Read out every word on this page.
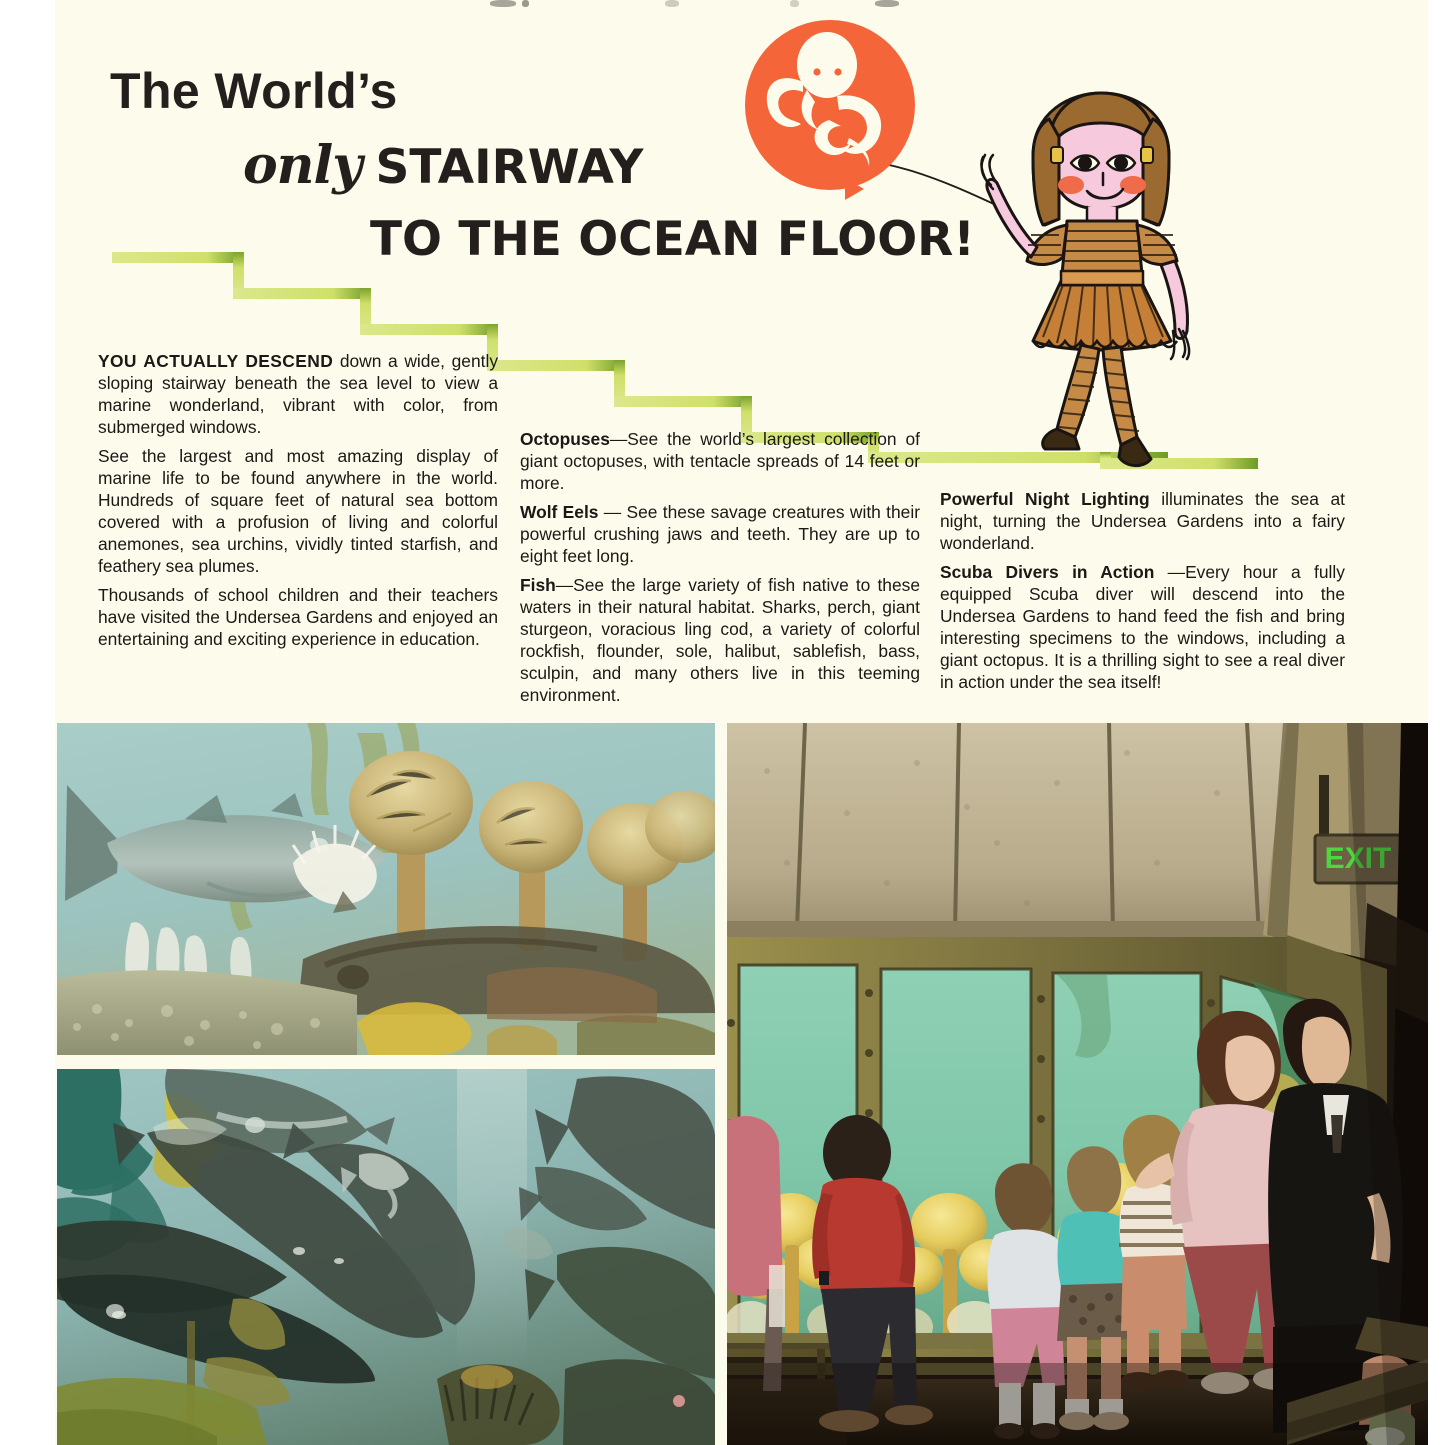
The World’s
only STAIRWAY
TO THE OCEAN FLOOR!

YOU ACTUALLY DESCEND down a wide, gently sloping stairway beneath the sea level to view a marine wonderland, vibrant with color, from submerged windows.

See the largest and most amazing display of marine life to be found anywhere in the world. Hundreds of square feet of natural sea bottom covered with a profusion of living and colorful anemones, sea urchins, vividly tinted starfish, and feathery sea plumes.

Thousands of school children and their teachers have visited the Undersea Gardens and enjoyed an entertaining and exciting experience in education.

Octopuses—See the world’s largest collection of giant octopuses, with tentacle spreads of 14 feet or more.

Wolf Eels — See these savage creatures with their powerful crushing jaws and teeth. They are up to eight feet long.

Fish—See the large variety of fish native to these waters in their natural habitat. Sharks, perch, giant sturgeon, voracious ling cod, a variety of colorful rockfish, flounder, sole, halibut, sablefish, bass, sculpin, and many others live in this teeming environment.

Powerful Night Lighting illuminates the sea at night, turning the Undersea Gardens into a fairy wonderland.

Scuba Divers in Action —Every hour a fully equipped Scuba diver will descend into the Undersea Gardens to hand feed the fish and bring interesting specimens to the windows, including a giant octopus. It is a thrilling sight to see a real diver in action under the sea itself!

EXIT
